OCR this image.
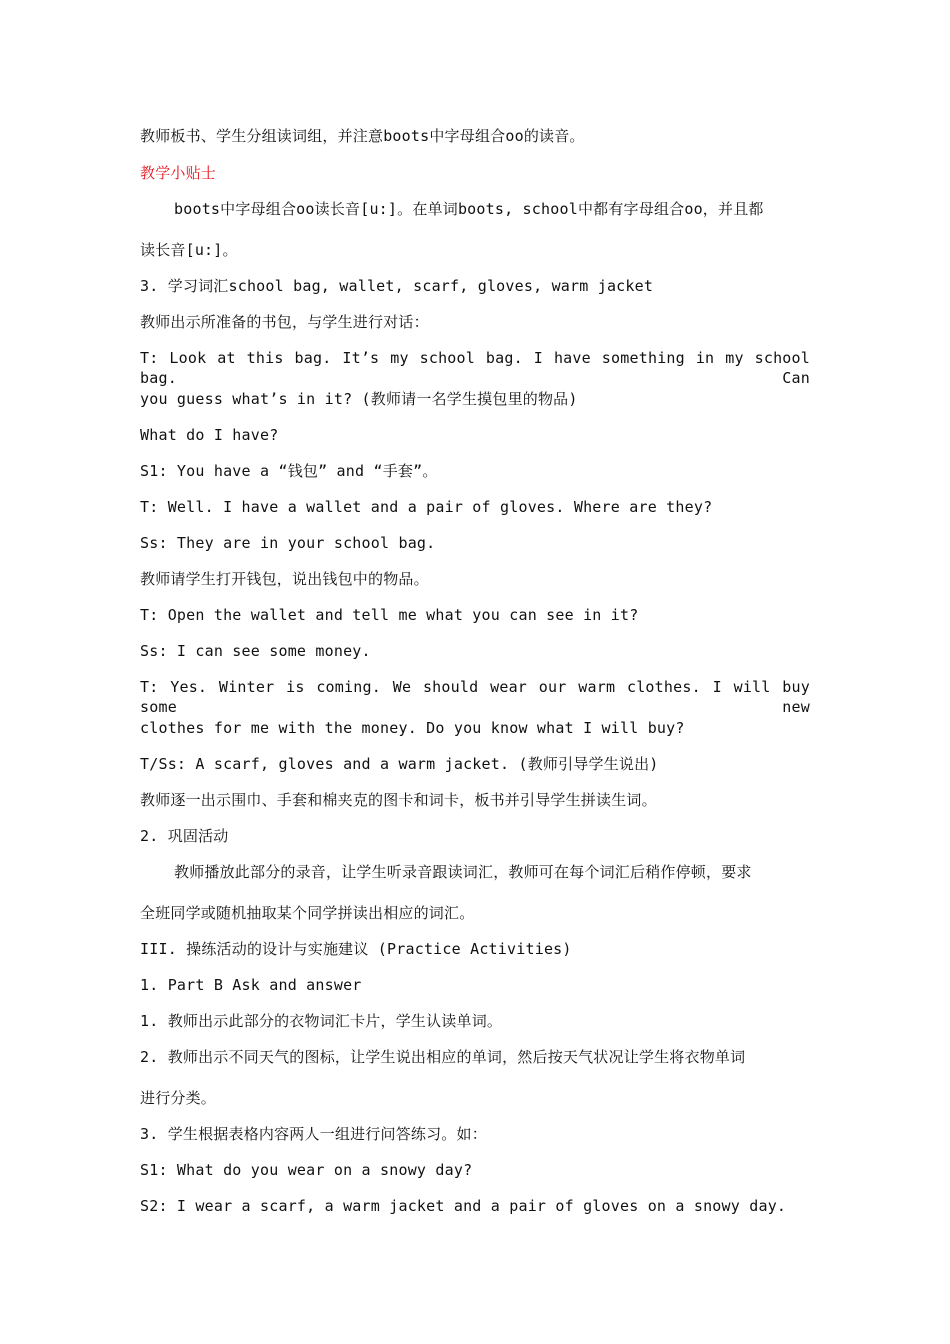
教师板书、学生分组读词组，并注意boots中字母组合oo的读音。
教学小贴士
boots中字母组合oo读长音[u:]。在单词boots, school中都有字母组合oo，并且都
读长音[u:]。
3. 学习词汇school bag, wallet, scarf, gloves, warm jacket
教师出示所准备的书包，与学生进行对话：
T: Look at this bag. It’s my school bag. I have something in my school bag. Can
you guess what’s in it? (教师请一名学生摸包里的物品)
What do I have?
S1: You have a “钱包” and “手套”。
T: Well. I have a wallet and a pair of gloves. Where are they?
Ss: They are in your school bag.
教师请学生打开钱包，说出钱包中的物品。
T: Open the wallet and tell me what you can see in it?
Ss: I can see some money.
T: Yes. Winter is coming. We should wear our warm clothes. I will buy some new
clothes for me with the money. Do you know what I will buy?
T/Ss: A scarf, gloves and a warm jacket. (教师引导学生说出)
教师逐一出示围巾、手套和棉夹克的图卡和词卡，板书并引导学生拼读生词。
2. 巩固活动
教师播放此部分的录音，让学生听录音跟读词汇，教师可在每个词汇后稍作停顿，要求
全班同学或随机抽取某个同学拼读出相应的词汇。
III. 操练活动的设计与实施建议 (Practice Activities)
1. Part B Ask and answer
1. 教师出示此部分的衣物词汇卡片，学生认读单词。
2. 教师出示不同天气的图标，让学生说出相应的单词，然后按天气状况让学生将衣物单词
进行分类。
3. 学生根据表格内容两人一组进行问答练习。如：
S1: What do you wear on a snowy day?
S2: I wear a scarf, a warm jacket and a pair of gloves on a snowy day.
